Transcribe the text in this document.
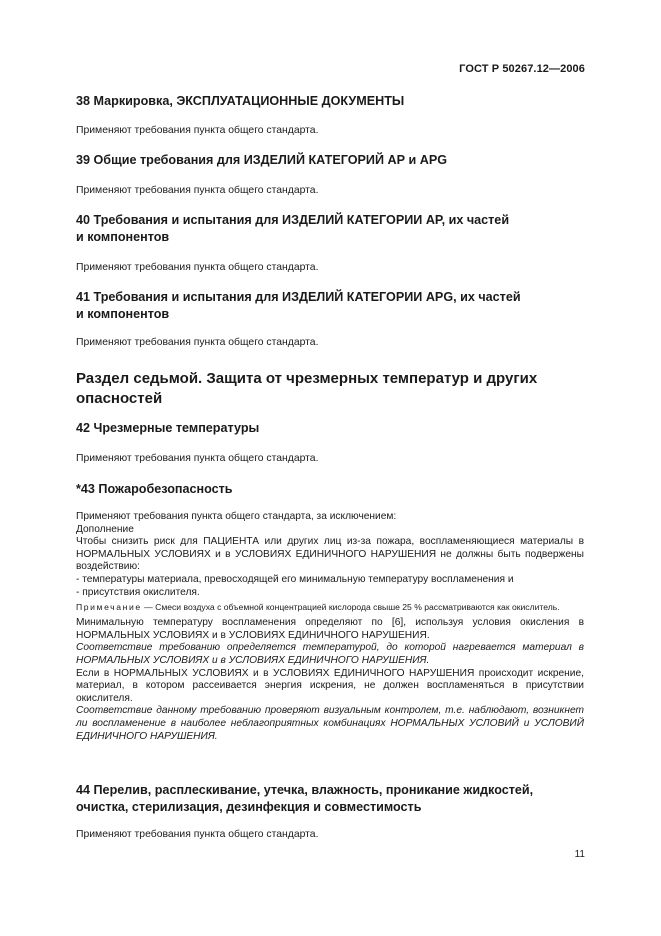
ГОСТ Р 50267.12—2006
38 Маркировка, ЭКСПЛУАТАЦИОННЫЕ ДОКУМЕНТЫ
Применяют требования пункта общего стандарта.
39 Общие требования для ИЗДЕЛИЙ КАТЕГОРИЙ АР и APG
Применяют требования пункта общего стандарта.
40 Требования и испытания для ИЗДЕЛИЙ КАТЕГОРИИ АР, их частей
и компонентов
Применяют требования пункта общего стандарта.
41 Требования и испытания для ИЗДЕЛИЙ КАТЕГОРИИ APG, их частей
и компонентов
Применяют требования пункта общего стандарта.
Раздел седьмой. Защита от чрезмерных температур и других
опасностей
42 Чрезмерные температуры
Применяют требования пункта общего стандарта.
*43 Пожаробезопасность

Применяют требования пункта общего стандарта, за исключением:

Дополнение

Чтобы снизить риск для ПАЦИЕНТА или других лиц из-за пожара, воспламеняющиеся материалы в НОРМАЛЬНЫХ УСЛОВИЯХ и в УСЛОВИЯХ ЕДИНИЧНОГО НАРУШЕНИЯ не должны быть подвержены воздействию:

- температуры материала, превосходящей его минимальную температуру воспламенения и

- присутствия окислителя.

Примечание — Смеси воздуха с объемной концентрацией кислорода свыше 25 % рассматриваются как окислитель.

Минимальную температуру воспламенения определяют по [6], используя условия окисления в НОРМАЛЬНЫХ УСЛОВИЯХ и в УСЛОВИЯХ ЕДИНИЧНОГО НАРУШЕНИЯ.

Соответствие требованию определяется температурой, до которой нагревается материал в НОРМАЛЬНЫХ УСЛОВИЯХ и в УСЛОВИЯХ ЕДИНИЧНОГО НАРУШЕНИЯ.

Если в НОРМАЛЬНЫХ УСЛОВИЯХ и в УСЛОВИЯХ ЕДИНИЧНОГО НАРУШЕНИЯ происходит искрение, материал, в котором рассеивается энергия искрения, не должен воспламеняться в присутствии окислителя.

Соответствие данному требованию проверяют визуальным контролем, т.е. наблюдают, возникнет ли воспламенение в наиболее неблагоприятных комбинациях НОРМАЛЬНЫХ УСЛОВИЙ и УСЛОВИЙ ЕДИНИЧНОГО НАРУШЕНИЯ.

44 Перелив, расплескивание, утечка, влажность, проникание жидкостей,
очистка, стерилизация, дезинфекция и совместимость
Применяют требования пункта общего стандарта.
11
